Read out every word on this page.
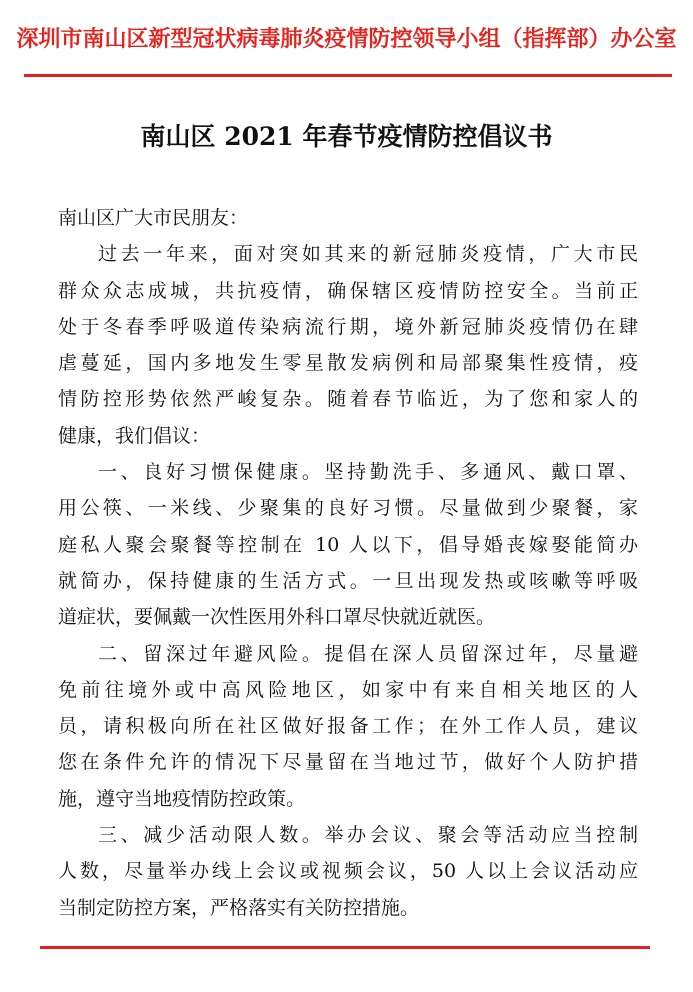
深圳市南山区新型冠状病毒肺炎疫情防控领导小组（指挥部）办公室
南山区 2021 年春节疫情防控倡议书
南山区广大市民朋友：
过去一年来，面对突如其来的新冠肺炎疫情，广大市民
群众众志成城，共抗疫情，确保辖区疫情防控安全。当前正
处于冬春季呼吸道传染病流行期，境外新冠肺炎疫情仍在肆
虐蔓延，国内多地发生零星散发病例和局部聚集性疫情，疫
情防控形势依然严峻复杂。随着春节临近，为了您和家人的
健康，我们倡议：
一、良好习惯保健康。坚持勤洗手、多通风、戴口罩、
用公筷、一米线、少聚集的良好习惯。尽量做到少聚餐，家
庭私人聚会聚餐等控制在 10 人以下，倡导婚丧嫁娶能简办
就简办，保持健康的生活方式。一旦出现发热或咳嗽等呼吸
道症状，要佩戴一次性医用外科口罩尽快就近就医。
二、留深过年避风险。提倡在深人员留深过年，尽量避
免前往境外或中高风险地区，如家中有来自相关地区的人
员，请积极向所在社区做好报备工作；在外工作人员，建议
您在条件允许的情况下尽量留在当地过节，做好个人防护措
施，遵守当地疫情防控政策。
三、减少活动限人数。举办会议、聚会等活动应当控制
人数，尽量举办线上会议或视频会议，50 人以上会议活动应
当制定防控方案，严格落实有关防控措施。
